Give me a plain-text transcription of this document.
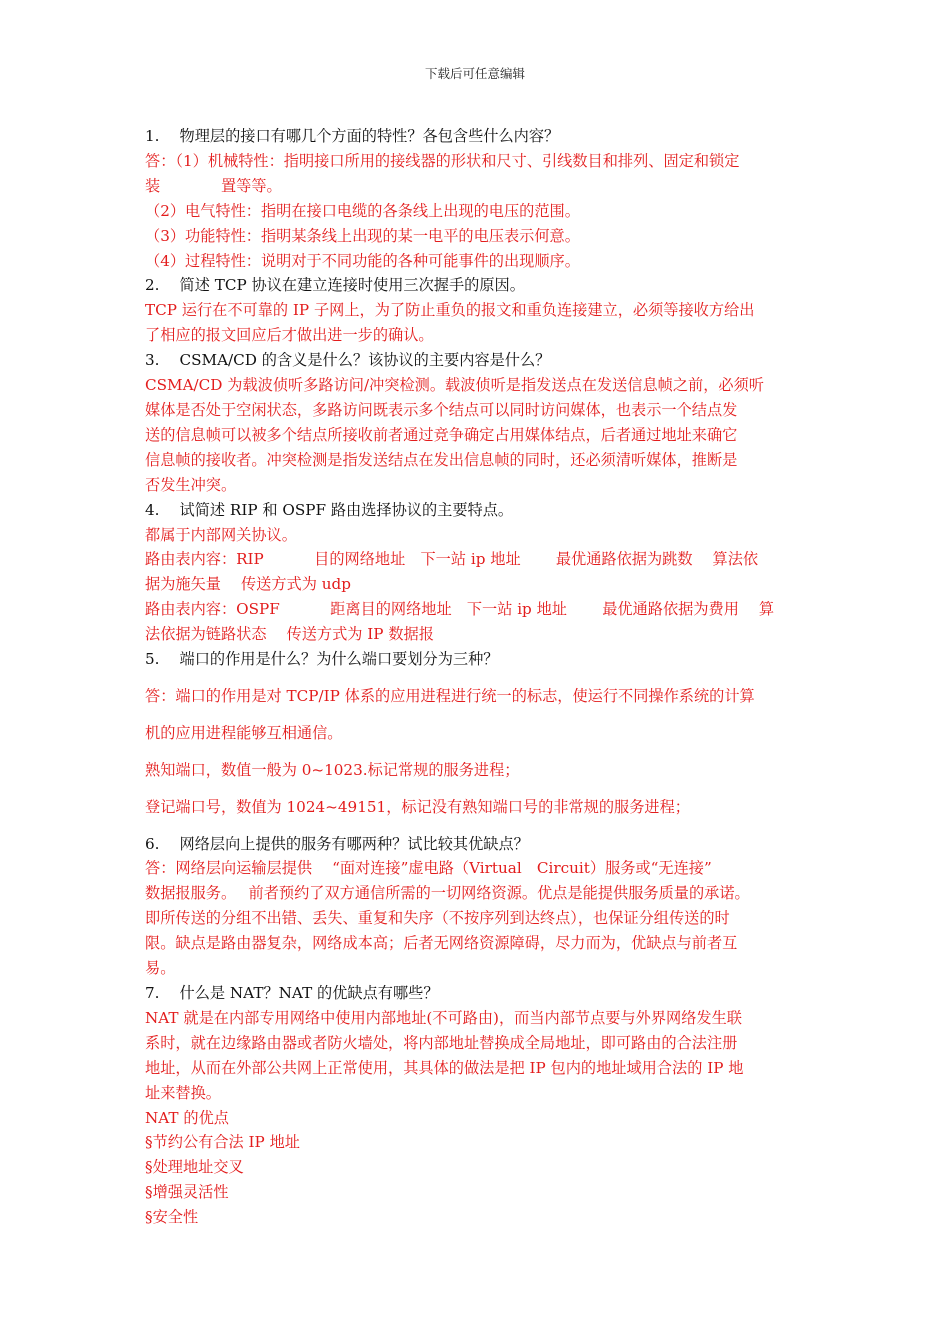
下载后可任意编辑
1.　 物理层的接口有哪几个方面的特性？各包含些什么内容？
答：（1）机械特性：指明接口所用的接线器的形状和尺寸、引线数目和排列、固定和锁定
装　　　　置等等。
（2）电气特性：指明在接口电缆的各条线上出现的电压的范围。
（3）功能特性：指明某条线上出现的某一电平的电压表示何意。
（4）过程特性：说明对于不同功能的各种可能事件的出现顺序。
2.　 简述 TCP 协议在建立连接时使用三次握手的原因。
TCP 运行在不可靠的 IP 子网上，为了防止重负的报文和重负连接建立，必须等接收方给出
了相应的报文回应后才做出进一步的确认。
3.　 CSMA/CD 的含义是什么？该协议的主要内容是什么？
CSMA/CD 为载波侦听多路访问/冲突检测。载波侦听是指发送点在发送信息帧之前，必须听
媒体是否处于空闲状态，多路访问既表示多个结点可以同时访问媒体，也表示一个结点发
送的信息帧可以被多个结点所接收前者通过竞争确定占用媒体结点，后者通过地址来确它
信息帧的接收者。冲突检测是指发送结点在发出信息帧的同时，还必须清听媒体，推断是
否发生冲突。
4.　 试简述 RIP 和 OSPF 路由选择协议的主要特点。
都属于内部网关协议。
路由表内容：RIP　　　 目的网络地址　下一站 ip 地址　　 最优通路依据为跳数　 算法依
据为施矢量　 传送方式为 udp
路由表内容：OSPF　　　 距离目的网络地址　下一站 ip 地址　　 最优通路依据为费用　 算
法依据为链路状态　 传送方式为 IP 数据报
5.　 端口的作用是什么？为什么端口要划分为三种？
答：端口的作用是对 TCP/IP 体系的应用进程进行统一的标志，使运行不同操作系统的计算
机的应用进程能够互相通信。
熟知端口，数值一般为 0~1023.标记常规的服务进程；
登记端口号，数值为 1024~49151，标记没有熟知端口号的非常规的服务进程；
6.　 网络层向上提供的服务有哪两种？试比较其优缺点？
答：网络层向运输层提供　 “面对连接”虚电路（Virtual　Circuit）服务或“无连接”
数据报服务。　 前者预约了双方通信所需的一切网络资源。优点是能提供服务质量的承诺。
即所传送的分组不出错、丢失、重复和失序（不按序列到达终点），也保证分组传送的时
限。缺点是路由器复杂，网络成本高；后者无网络资源障碍，尽力而为，优缺点与前者互
易。
7.　 什么是 NAT？NAT 的优缺点有哪些？
NAT 就是在内部专用网络中使用内部地址(不可路由)，而当内部节点要与外界网络发生联
系时，就在边缘路由器或者防火墙处，将内部地址替换成全局地址，即可路由的合法注册
地址，从而在外部公共网上正常使用，其具体的做法是把 IP 包内的地址域用合法的 IP 地
址来替换。
NAT 的优点
§节约公有合法 IP 地址
§处理地址交叉
§增强灵活性
§安全性
